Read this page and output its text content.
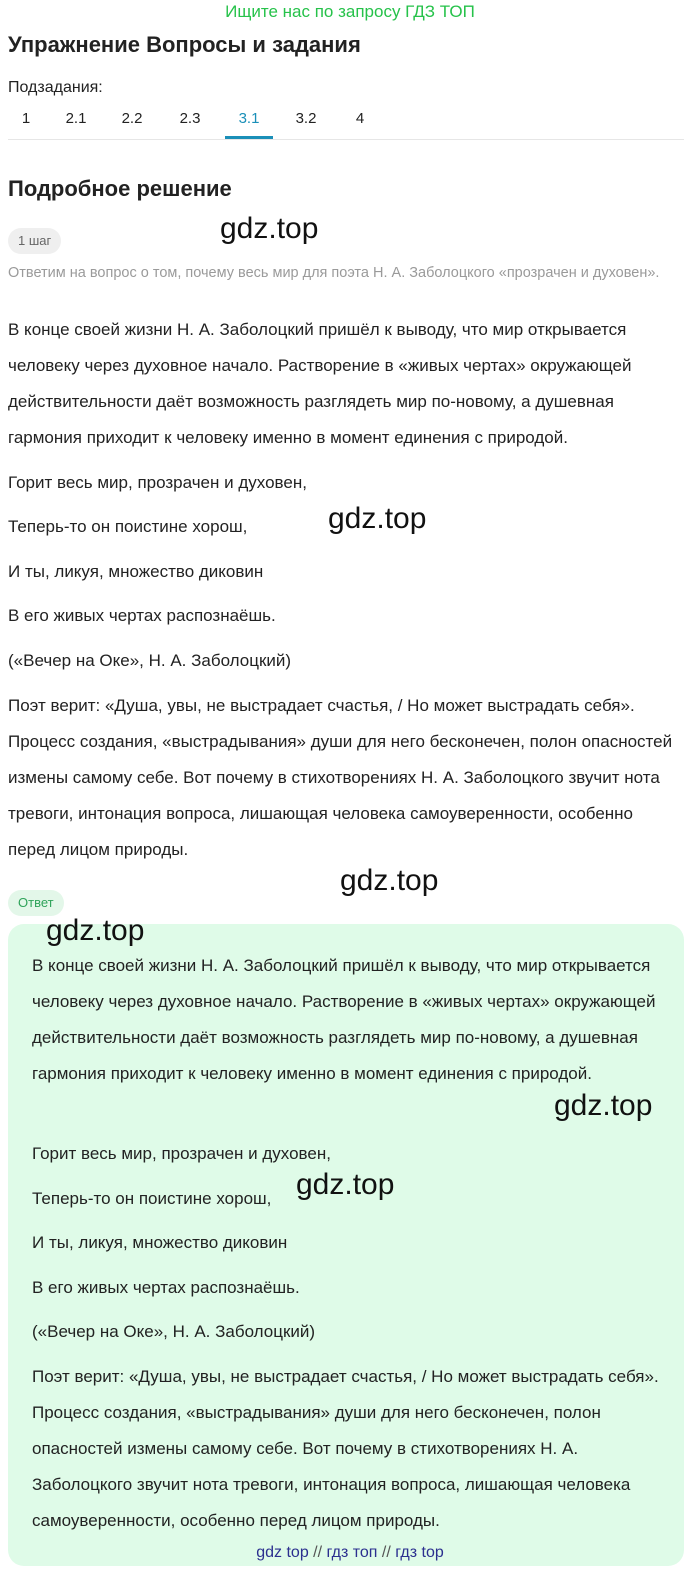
Ищите нас по запросу ГДЗ ТОП
Упражнение Вопросы и задания
Подзадания:
1	2.1 2.2 2.3	3.1	3.2	4
Подробное решение
1 шаг	gdz.top
Ответим на вопрос о том, почему весь мир для поэта Н. А. Заболоцкого «прозрачен и духовен».
В конце своей жизни Н. А. Заболоцкий пришёл к выводу, что мир открывается человеку через духовное начало. Растворение в «живых чертах» окружающей действительности даёт возможность разглядеть мир по-новому, а душевная гармония приходит к человеку именно в момент единения с природой.
Горит весь мир, прозрачен и духовен,
Теперь-то он поистине хорош,
И ты, ликуя, множество диковин
В его живых чертах распознаёшь.
(«Вечер на Оке», Н. А. Заболоцкий)
gdz.top
Поэт верит: «Душа, увы, не выстрадает счастья, / Но может выстрадать себя». Процесс создания, «выстрадывания» души для него бесконечен, полон опасностей измены самому себе. Вот почему в стихотворениях Н. А. Заболоцкого звучит нота тревоги, интонация вопроса, лишающая человека самоуверенности, особенно перед лицом природы.
gdz.top
Ответ
gdz.top
В конце своей жизни Н. А. Заболоцкий пришёл к выводу, что мир открывается человеку через духовное начало. Растворение в «живых чертах» окружающей действительности даёт возможность разглядеть мир по-новому, а душевная гармония приходит к человеку именно в момент единения с природой.
gdz.top
Горит весь мир, прозрачен и духовен,
Теперь-то он поистине хорош,
И ты, ликуя, множество диковин
В его живых чертах распознаёшь.
(«Вечер на Оке», Н. А. Заболоцкий)
gdz.top
Поэт верит: «Душа, увы, не выстрадает счастья, / Но может выстрадать себя». Процесс создания, «выстрадывания» души для него бесконечен, полон опасностей измены самому себе. Вот почему в стихотворениях Н. А. Заболоцкого звучит нота тревоги, интонация вопроса, лишающая человека самоуверенности, особенно перед лицом природы.
gdz top // гдз топ // гдз top
